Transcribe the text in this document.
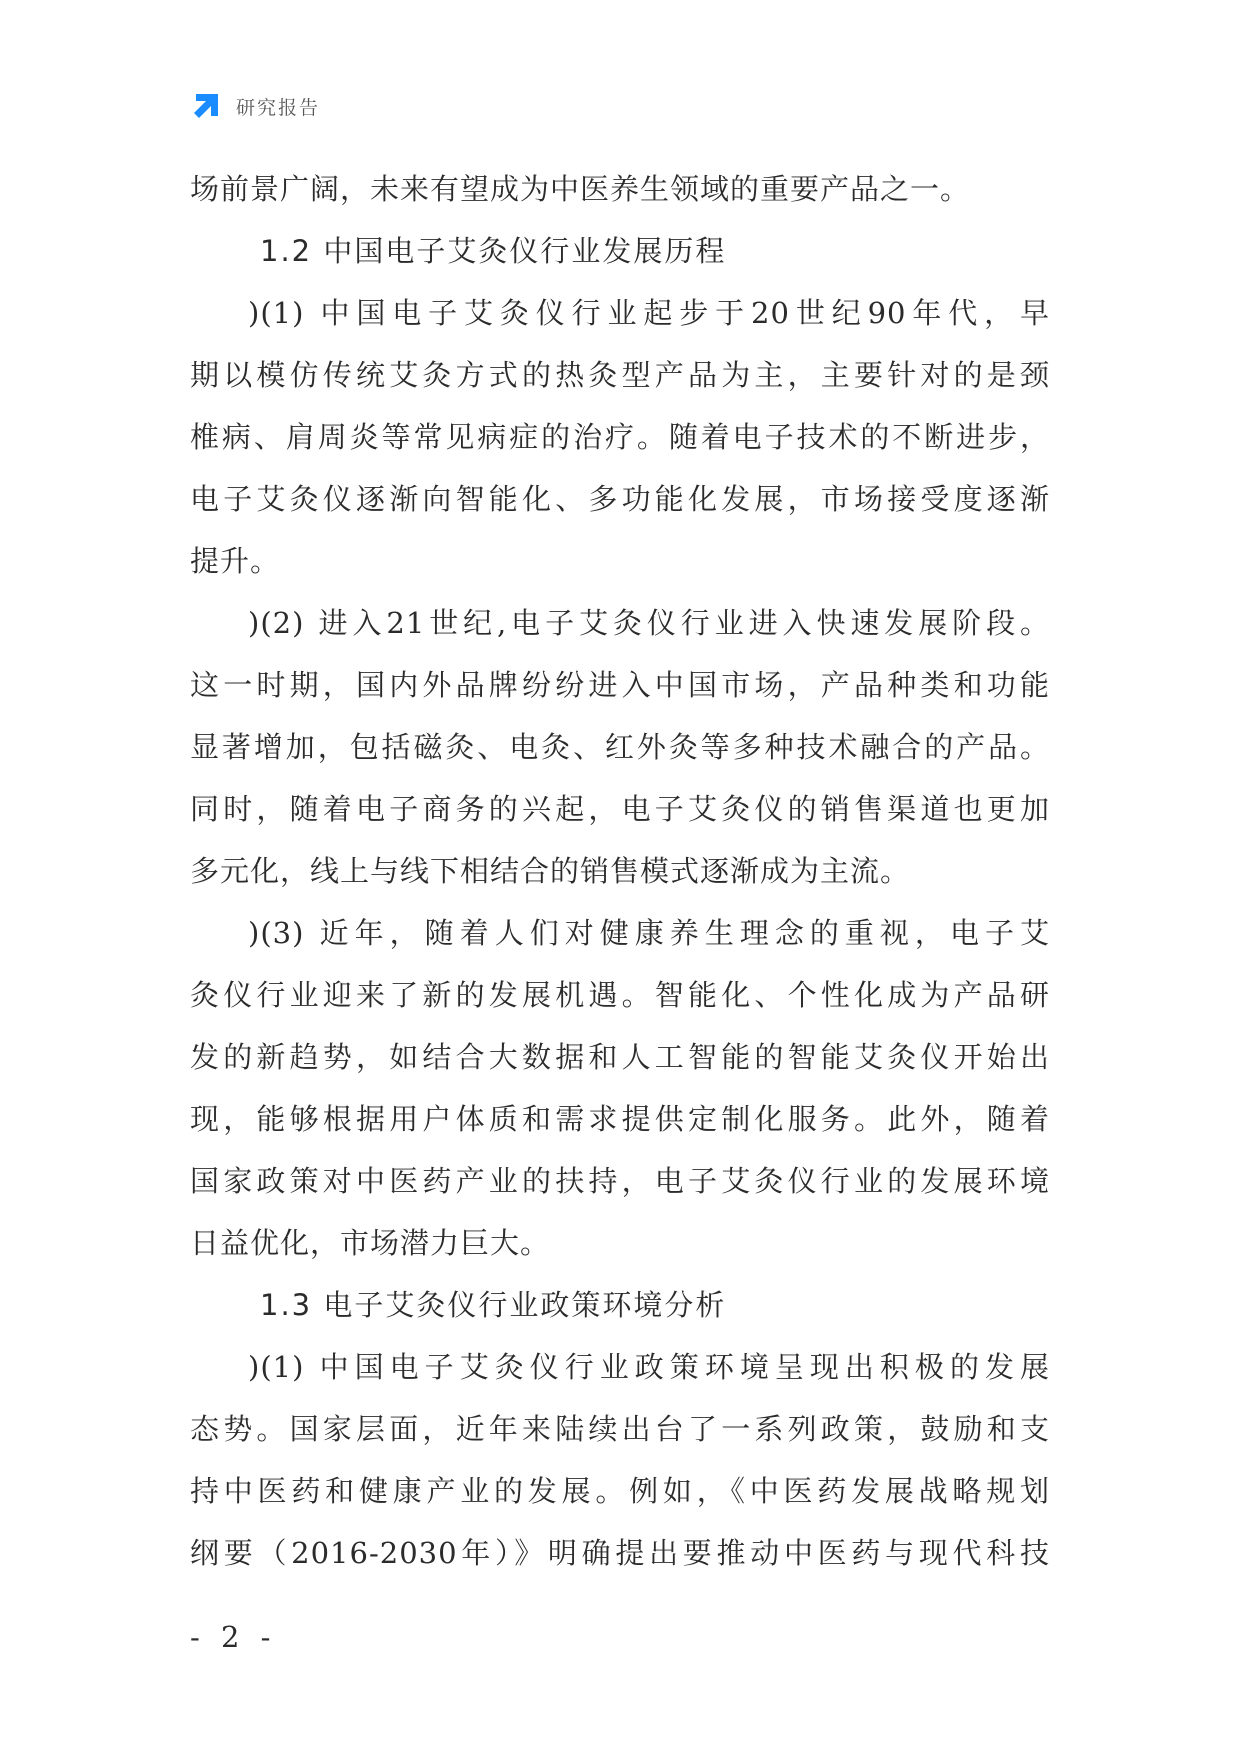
研究报告
场前景广阔，未来有望成为中医养生领域的重要产品之一。
1.2 中国电子艾灸仪行业发展历程
)(1) 中国电子艾灸仪行业起步于20世纪90年代，早
期以模仿传统艾灸方式的热灸型产品为主，主要针对的是颈
椎病、肩周炎等常见病症的治疗。随着电子技术的不断进步，
电子艾灸仪逐渐向智能化、多功能化发展，市场接受度逐渐
提升。
)(2) 进入21世纪,电子艾灸仪行业进入快速发展阶段。
这一时期，国内外品牌纷纷进入中国市场，产品种类和功能
显著增加，包括磁灸、电灸、红外灸等多种技术融合的产品。
同时，随着电子商务的兴起，电子艾灸仪的销售渠道也更加
多元化，线上与线下相结合的销售模式逐渐成为主流。
)(3) 近年，随着人们对健康养生理念的重视，电子艾
灸仪行业迎来了新的发展机遇。智能化、个性化成为产品研
发的新趋势，如结合大数据和人工智能的智能艾灸仪开始出
现，能够根据用户体质和需求提供定制化服务。此外，随着
国家政策对中医药产业的扶持，电子艾灸仪行业的发展环境
日益优化，市场潜力巨大。
1.3 电子艾灸仪行业政策环境分析
)(1) 中国电子艾灸仪行业政策环境呈现出积极的发展
态势。国家层面，近年来陆续出台了一系列政策，鼓励和支
持中医药和健康产业的发展。例如，《中医药发展战略规划
纲要（2016-2030年）》明确提出要推动中医药与现代科技
- 2 -
